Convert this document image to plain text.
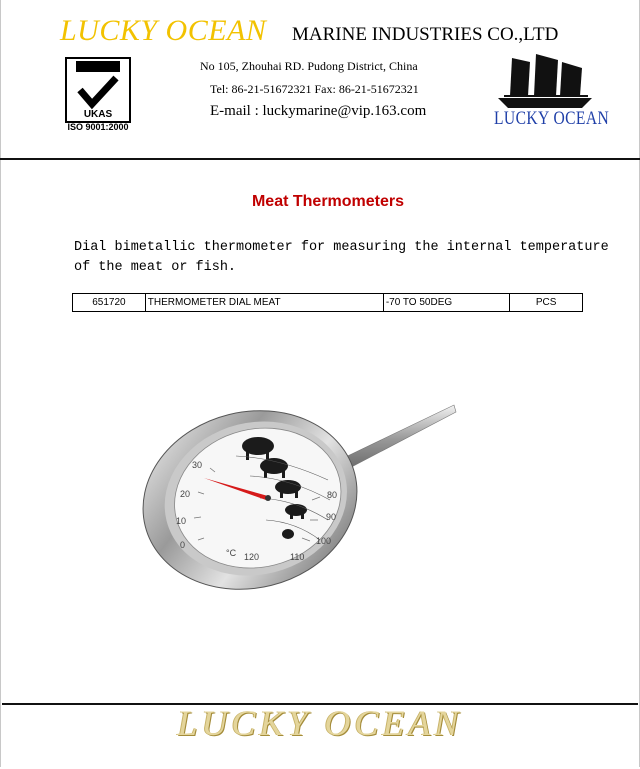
LUCKY OCEAN MARINE INDUSTRIES CO.,LTD
UKAS
ISO 9001:2000
No 105, Zhouhai RD. Pudong District, China
Tel: 86-21-51672321 Fax: 86-21-51672321
E-mail : luckymarine@vip.163.com	LUCKY OCEAN
Meat Thermometers
Dial bimetallic thermometer for measuring the internal temperature of the meat or fish.
651720	THERMOMETER DIAL MEAT	-70 TO 50DEG	PCS
0
10
20
30
80
90
100
110
120
°C
LUCKY OCEAN
